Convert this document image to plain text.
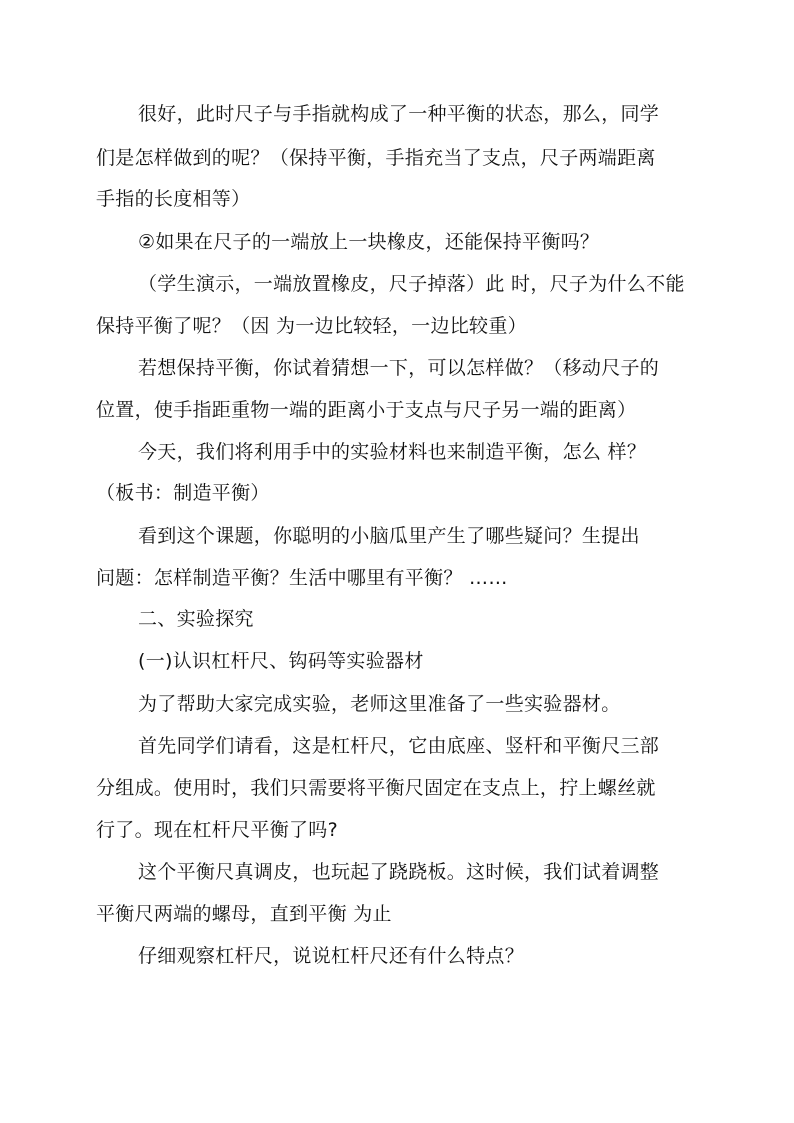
很好，此时尺子与手指就构成了一种平衡的状态，那么，同学
们是怎样做到的呢？（保持平衡，手指充当了支点，尺子两端距离
手指的长度相等）
②如果在尺子的一端放上一块橡皮，还能保持平衡吗？
（学生演示，一端放置橡皮，尺子掉落）此 时，尺子为什么不能
保持平衡了呢？（因 为一边比较轻，一边比较重）
若想保持平衡，你试着猜想一下，可以怎样做？（移动尺子的
位置，使手指距重物一端的距离小于支点与尺子另一端的距离）
今天，我们将利用手中的实验材料也来制造平衡，怎么 样？
（板书：制造平衡）
看到这个课题，你聪明的小脑瓜里产生了哪些疑问？生提出
问题：怎样制造平衡？生活中哪里有平衡？ ……
二、实验探究
(一)认识杠杆尺、钩码等实验器材
为了帮助大家完成实验，老师这里准备了一些实验器材。
首先同学们请看，这是杠杆尺，它由底座、竖杆和平衡尺三部
分组成。使用时，我们只需要将平衡尺固定在支点上，拧上螺丝就
行了。现在杠杆尺平衡了吗?
这个平衡尺真调皮，也玩起了跷跷板。这时候，我们试着调整
平衡尺两端的螺母，直到平衡 为止
仔细观察杠杆尺，说说杠杆尺还有什么特点？
